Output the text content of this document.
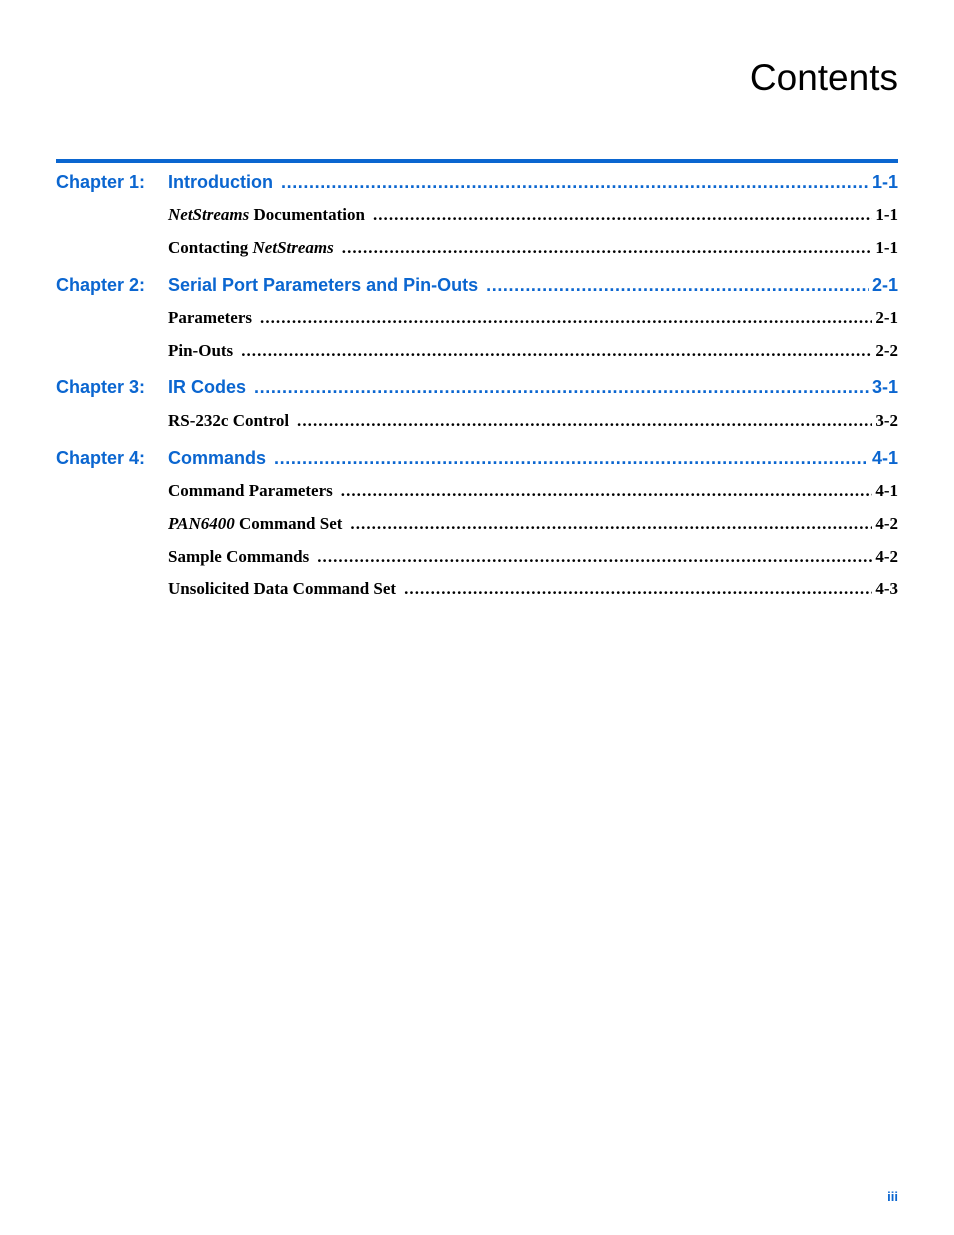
Contents
Chapter 1:	Introduction . . .	1-1
NetStreams Documentation . . .	1-1
Contacting NetStreams . . .	1-1
Chapter 2:	Serial Port Parameters and Pin-Outs . . .	2-1
Parameters . . .	2-1
Pin-Outs . . .	2-2
Chapter 3:	IR Codes . . .	3-1
RS-232c Control . . .	3-2
Chapter 4:	Commands . . .	4-1
Command Parameters . . .	4-1
PAN6400 Command Set . . .	4-2
Sample Commands . . .	4-2
Unsolicited Data Command Set . . .	4-3
iii
